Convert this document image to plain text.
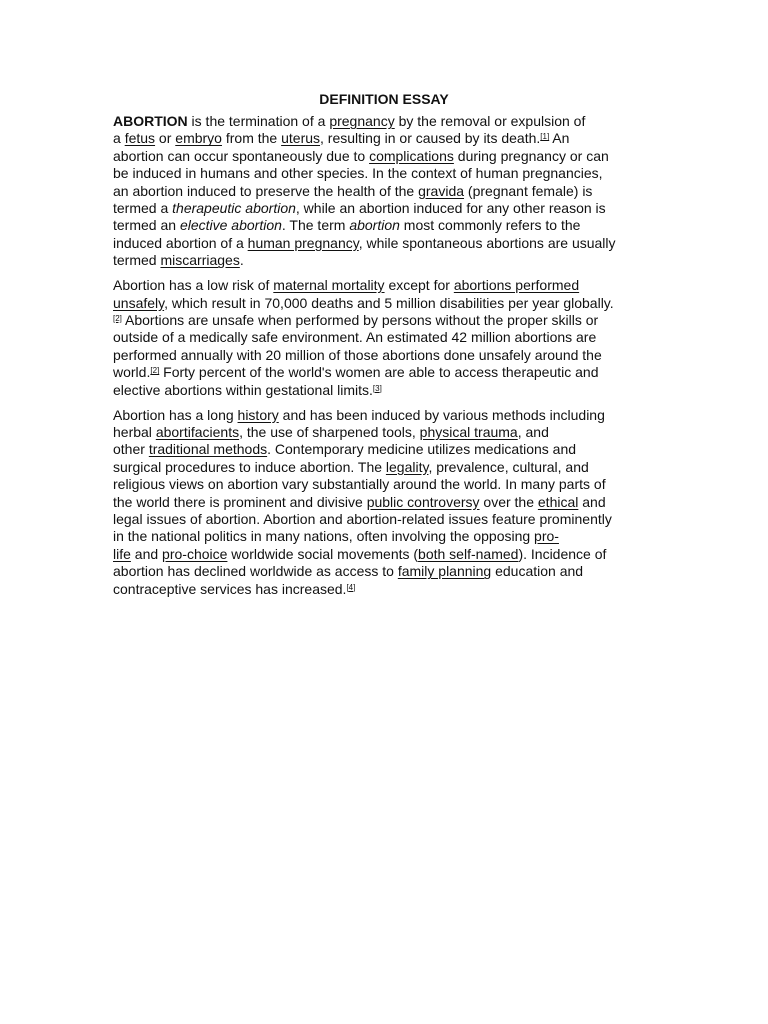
DEFINITION ESSAY

ABORTION is the termination of a pregnancy by the removal or expulsion of
a fetus or embryo from the uterus, resulting in or caused by its death.[1] An
abortion can occur spontaneously due to complications during pregnancy or can
be induced in humans and other species. In the context of human pregnancies,
an abortion induced to preserve the health of the gravida (pregnant female) is
termed a therapeutic abortion, while an abortion induced for any other reason is
termed an elective abortion. The term abortion most commonly refers to the
induced abortion of a human pregnancy, while spontaneous abortions are usually
termed miscarriages.

Abortion has a low risk of maternal mortality except for abortions performed
unsafely, which result in 70,000 deaths and 5 million disabilities per year globally.
[2] Abortions are unsafe when performed by persons without the proper skills or
outside of a medically safe environment. An estimated 42 million abortions are
performed annually with 20 million of those abortions done unsafely around the
world.[2] Forty percent of the world's women are able to access therapeutic and
elective abortions within gestational limits.[3]

Abortion has a long history and has been induced by various methods including
herbal abortifacients, the use of sharpened tools, physical trauma, and
other traditional methods. Contemporary medicine utilizes medications and
surgical procedures to induce abortion. The legality, prevalence, cultural, and
religious views on abortion vary substantially around the world. In many parts of
the world there is prominent and divisive public controversy over the ethical and
legal issues of abortion. Abortion and abortion-related issues feature prominently
in the national politics in many nations, often involving the opposing pro-
life and pro-choice worldwide social movements (both self-named). Incidence of
abortion has declined worldwide as access to family planning education and
contraceptive services has increased.[4]
